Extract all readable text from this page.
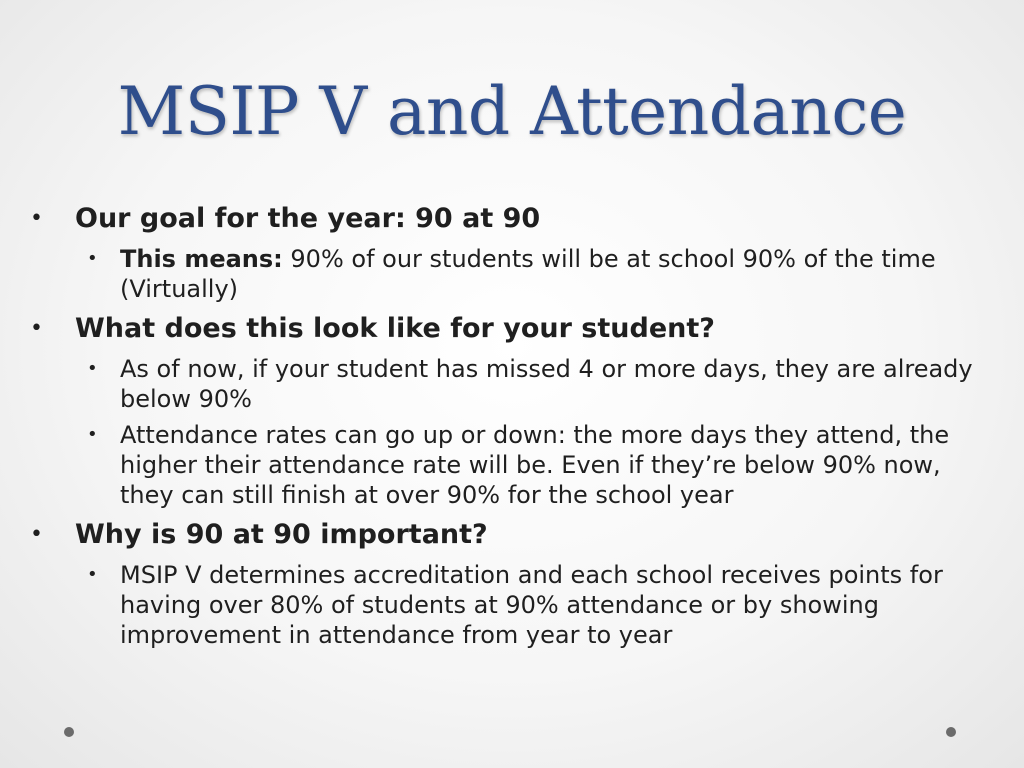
MSIP V and Attendance
• Our goal for the year: 90 at 90
• This means: 90% of our students will be at school 90% of the time (Virtually)
• What does this look like for your student?
• As of now, if your student has missed 4 or more days, they are already below 90%
• Attendance rates can go up or down: the more days they attend, the higher their attendance rate will be. Even if they’re below 90% now, they can still finish at over 90% for the school year
• Why is 90 at 90 important?
• MSIP V determines accreditation and each school receives points for having over 80% of students at 90% attendance or by showing improvement in attendance from year to year
